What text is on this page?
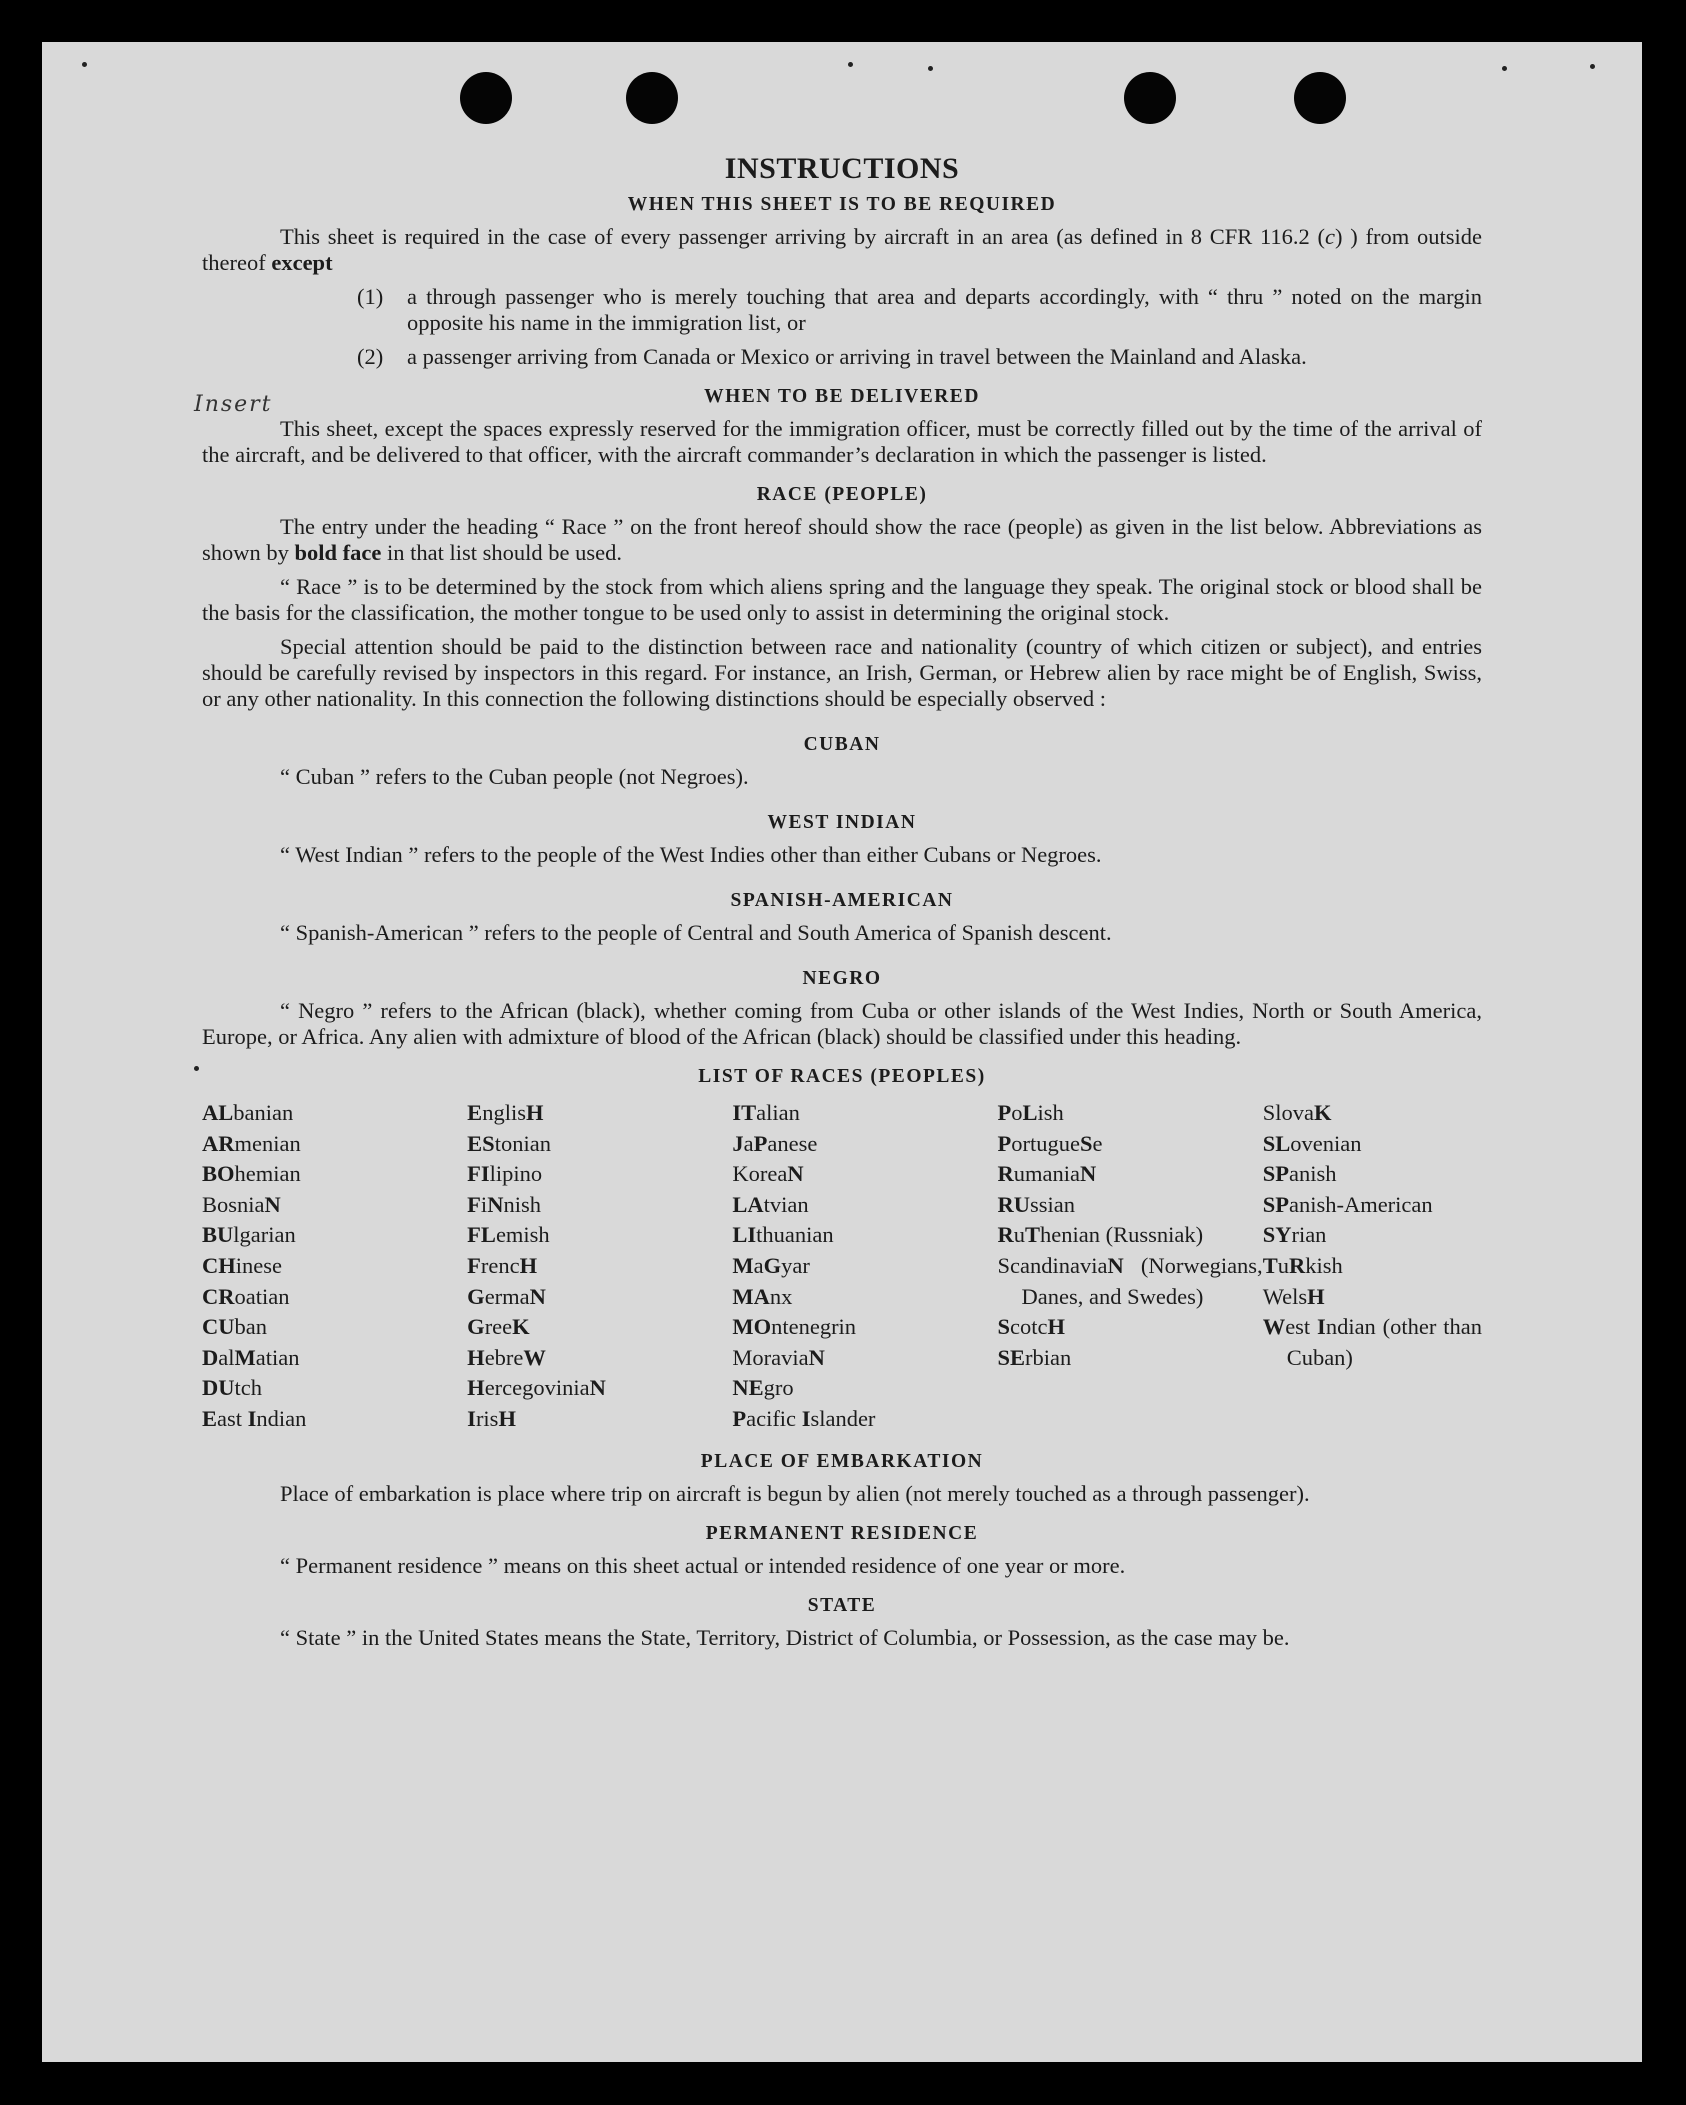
Insert
INSTRUCTIONS
WHEN THIS SHEET IS TO BE REQUIRED

This sheet is required in the case of every passenger arriving by aircraft in an area (as defined in 8 CFR 116.2 (c) ) from outside thereof except

(1)	a through passenger who is merely touching that area and departs accordingly, with “ thru ” noted on the margin opposite his name in the immigration list, or
(2)	a passenger arriving from Canada or Mexico or arriving in travel between the Mainland and Alaska.
WHEN TO BE DELIVERED

This sheet, except the spaces expressly reserved for the immigration officer, must be correctly filled out by the time of the arrival of the aircraft, and be delivered to that officer, with the aircraft commander’s declaration in which the passenger is listed.

RACE (PEOPLE)

The entry under the heading “ Race ” on the front hereof should show the race (people) as given in the list below. Abbreviations as shown by bold face in that list should be used.

“ Race ” is to be determined by the stock from which aliens spring and the language they speak. The original stock or blood shall be the basis for the classification, the mother tongue to be used only to assist in determining the original stock.

Special attention should be paid to the distinction between race and nationality (country of which citizen or subject), and entries should be carefully revised by inspectors in this regard. For instance, an Irish, German, or Hebrew alien by race might be of English, Swiss, or any other nationality. In this connection the following distinctions should be especially observed :

CUBAN

“ Cuban ” refers to the Cuban people (not Negroes).

WEST INDIAN

“ West Indian ” refers to the people of the West Indies other than either Cubans or Negroes.

SPANISH-AMERICAN

“ Spanish-American ” refers to the people of Central and South America of Spanish descent.

NEGRO

“ Negro ” refers to the African (black), whether coming from Cuba or other islands of the West Indies, North or South America, Europe, or Africa. Any alien with admixture of blood of the African (black) should be classified under this heading.

LIST OF RACES (PEOPLES)
ALbanian
ARmenian
BOhemian
BosniaN
BUlgarian
CHinese
CRoatian
CUban
DalMatian
DUtch
East Indian
EnglisH
EStonian
FIlipino
FiNnish
FLemish
FrencH
GermaN
GreeK
HebreW
HercegoviniaN
IrisH
ITalian
JaPanese
KoreaN
LAtvian
LIthuanian
MaGyar
MAnx
MOntenegrin
MoraviaN
NEgro
Pacific Islander
PoLish
PortugueSe
RumaniaN
RUssian
RuThenian (Russniak)
ScandinaviaN (Norwegians, Danes, and Swedes)
ScotcH
SErbian
SlovaK
SLovenian
SPanish
SPanish-American
SYrian
TuRkish
WelsH
West Indian (other than Cuban)
PLACE OF EMBARKATION

Place of embarkation is place where trip on aircraft is begun by alien (not merely touched as a through passenger).

PERMANENT RESIDENCE

“ Permanent residence ” means on this sheet actual or intended residence of one year or more.

STATE

“ State ” in the United States means the State, Territory, District of Columbia, or Possession, as the case may be.
